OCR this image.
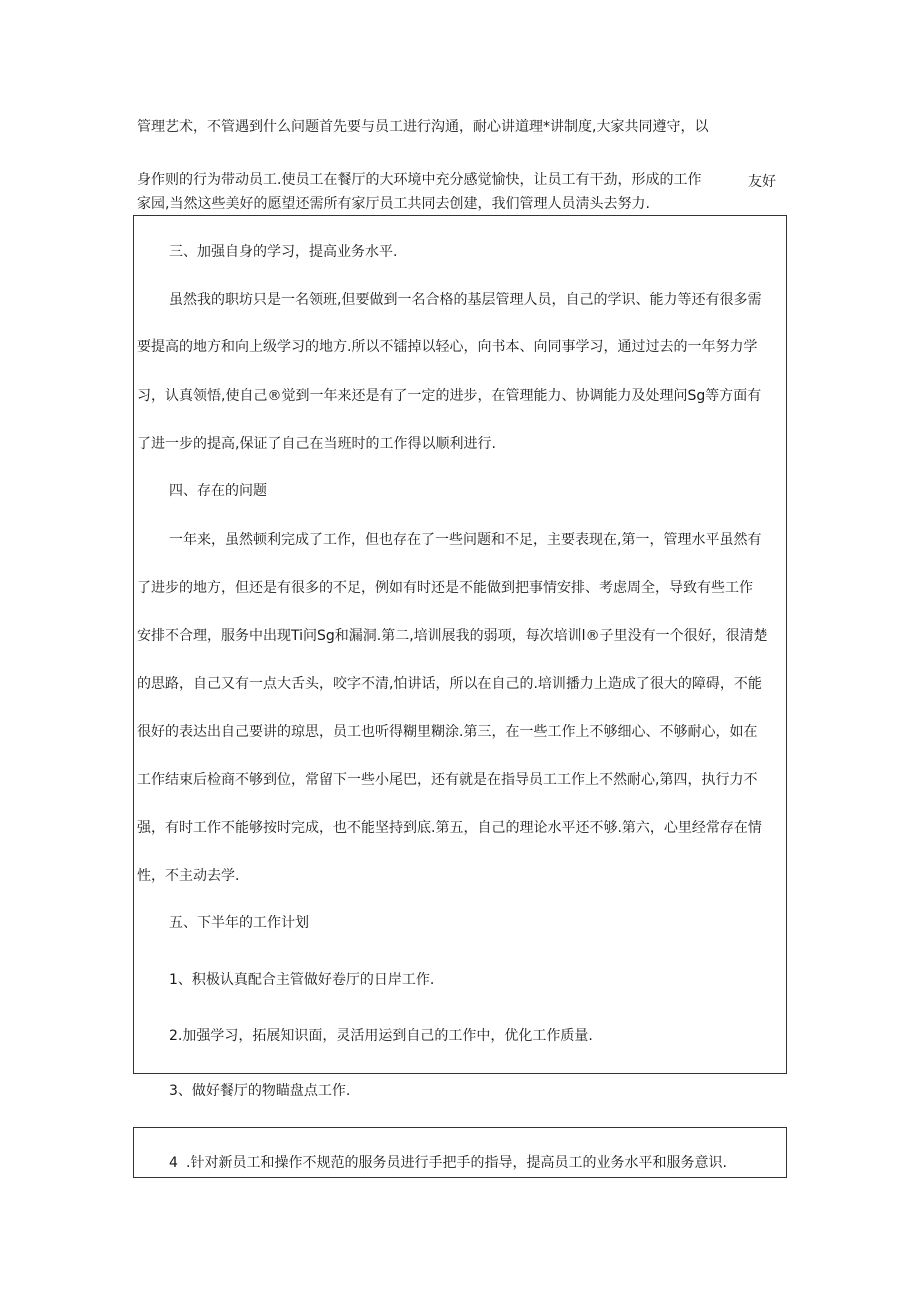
管理艺术，不管遇到什么问题首先要与员工进行沟通，耐心讲道理*讲制度,大家共同遵守，以
身作则的行为带动员工.使员工在餐厅的大环境中充分感觉愉快，让员工有干劲，形成的工作	友好
家园,当然这些美好的愿望还需所有家厅员工共同去创建，我们管理人员淸头去努力.
三、加强自身的学习，提高业务水平.
虽然我的职坊只是一名领班,但要做到一名合格的基层管理人员，自己的学识、能力等还有很多需
要提高的地方和向上级学习的地方.所以不镭掉以轻心，向书本、向同事学习，通过过去的一年努力学
习，认真领悟,使自己®觉到一年来还是有了一定的进步，在管理能力、协调能力及处理问Sg等方面有
了进一步的提高,保证了自己在当班时的工作得以顺利进行.
四、存在的问题
一年来，虽然顿利完成了工作，但也存在了一些问题和不足，主要表现在,第一，管理水平虽然有
了进步的地方，但还是有很多的不足，例如有时还是不能做到把事情安排、考虑周全，导致有些工作
安排不合理，服务中出现Ti问Sg和漏洞.第二,培训展我的弱项，每次培训l®子里没有一个很好，很清楚
的思路，自己又有一点大舌头，咬字不清,怕讲话，所以在自己的.培训播力上造成了很大的障碍，不能
很好的表达出自己要讲的琼思，员工也听得糊里糊涂.第三，在一些工作上不够细心、不够耐心，如在
工作结束后检商不够到位，常留下一些小尾巴，还有就是在指导员工工作上不然耐心,第四，执行力不
强，有时工作不能够按时完成，也不能坚持到底.第五，自己的理论水平还不够.第六，心里经常存在情
性，不主动去学.
五、下半年的工作计划
1、积极认真配合主管做好卷厅的日岸工作.
2.加强学习，拓展知识面，灵活用运到自己的工作中，优化工作质量.
3、做好餐厅的物瞄盘点工作.
4 .针对新员工和操作不规范的服务员进行手把手的指导，提高员工的业务水平和服务意识.
